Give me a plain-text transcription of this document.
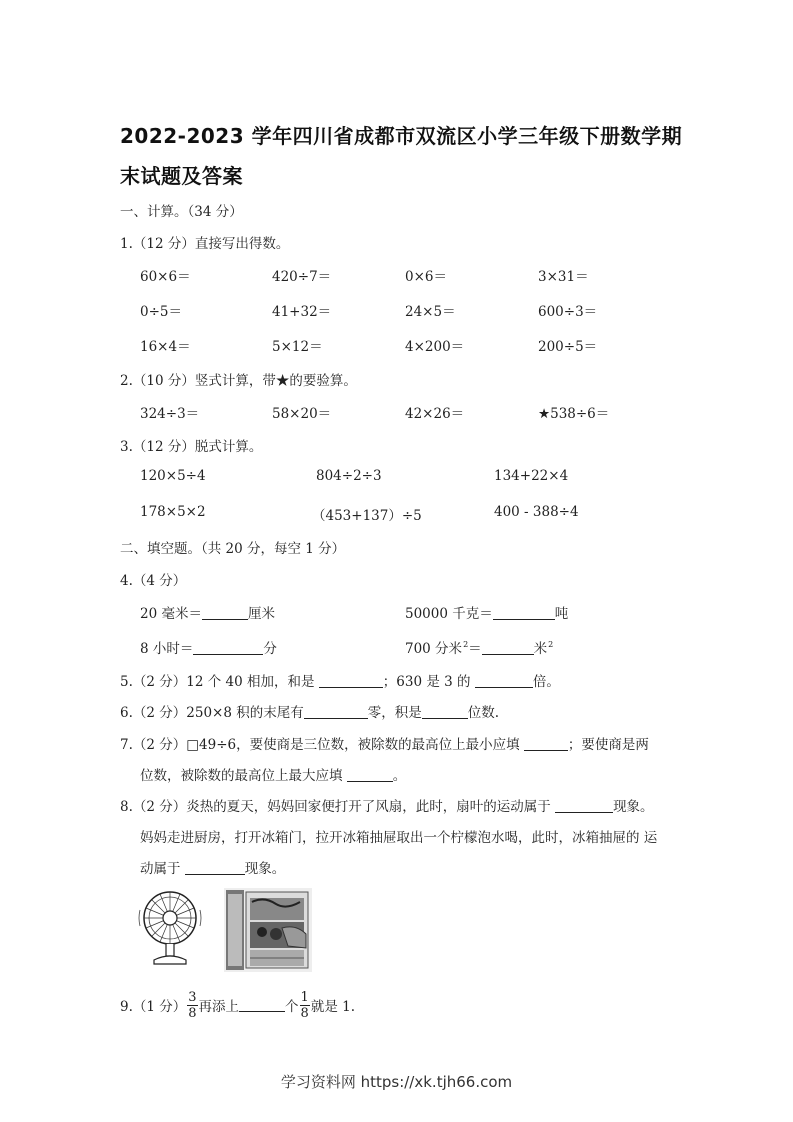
2022-2023 学年四川省成都市双流区小学三年级下册数学期
末试题及答案
一、计算。（34 分）
1.（12 分）直接写出得数。
60×6＝	420÷7＝	0×6＝	3×31＝
0÷5＝	41+32＝	24×5＝	600÷3＝
16×4＝	5×12＝	4×200＝	200÷5＝
2.（10 分）竖式计算，带★的要验算。
324÷3＝	58×20＝	42×26＝	★538÷6＝
3.（12 分）脱式计算。
120×5÷4	804÷2÷3	134+22×4
178×5×2	（453+137）÷5	400 - 388÷4
二、填空题。（共 20 分，每空 1 分）
4.（4 分）
20 毫米＝	厘米	50000 千克＝	吨
8 小时＝	分	700 分米$^2$＝	米$^2$
5.（2 分）12 个 40 相加，和是	；630 是 3 的	倍。
6.（2 分）250×8 积的末尾有	零，积是	位数.
7.（2 分）□49÷6，要使商是三位数，被除数的最高位上最小应填	；要使商是两
位数，被除数的最高位上最大应填	。
8.（2 分）炎热的夏天，妈妈回家便打开了风扇，此时，扇叶的运动属于	现象。
妈妈走进厨房，打开冰箱门，拉开冰箱抽屉取出一个柠檬泡水喝，此时，冰箱抽屉的 运
动属于	现象。
9.（1 分） $\frac{3}{8}$ 再添上	个 $\frac{1}{8}$ 就是 1.
学习资料网 https://xk.tjh66.com
